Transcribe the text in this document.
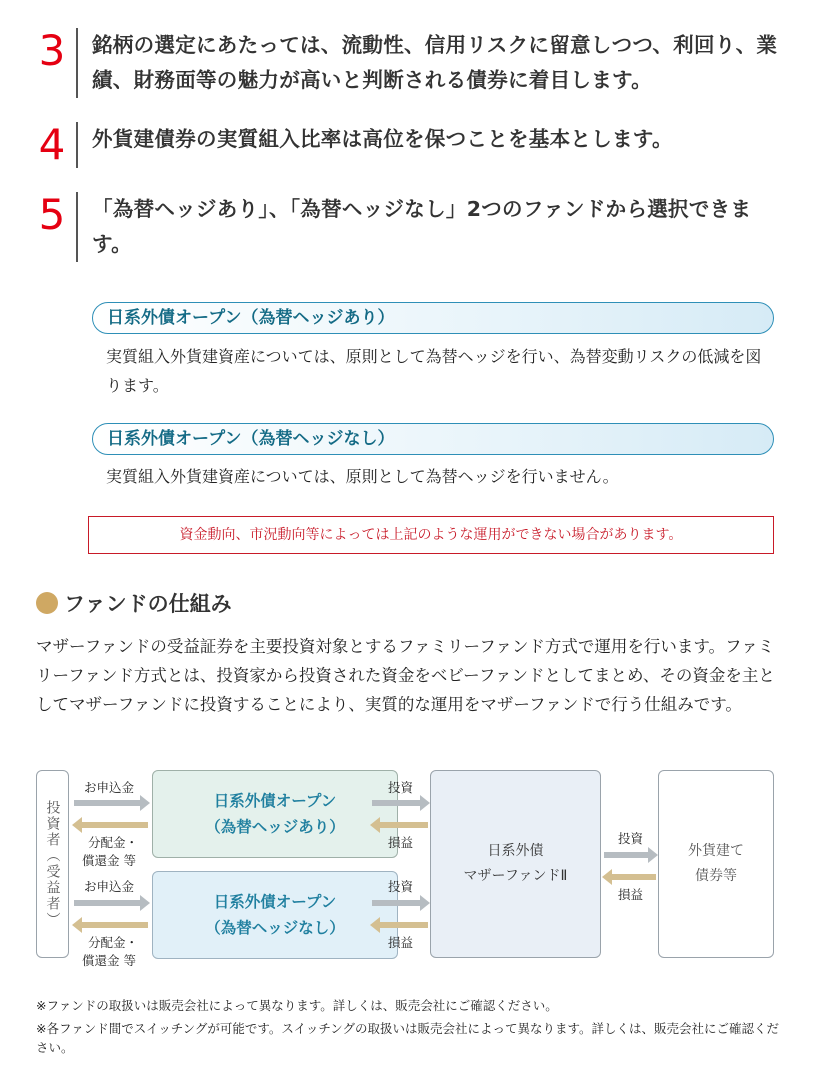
3 銘柄の選定にあたっては、流動性、信用リスクに留意しつつ、利回り、業績、財務面等の魅力が高いと判断される債券に着目します。
4 外貨建債券の実質組入比率は高位を保つことを基本とします。
5 「為替ヘッジあり」、「為替ヘッジなし」2つのファンドから選択できます。
日系外債オープン（為替ヘッジあり）
実質組入外貨建資産については、原則として為替ヘッジを行い、為替変動リスクの低減を図ります。
日系外債オープン（為替ヘッジなし）
実質組入外貨建資産については、原則として為替ヘッジを行いません。
資金動向、市況動向等によっては上記のような運用ができない場合があります。
ファンドの仕組み
マザーファンドの受益証券を主要投資対象とするファミリーファンド方式で運用を行います。ファミリーファンド方式とは、投資家から投資された資金をベビーファンドとしてまとめ、その資金を主としてマザーファンドに投資することにより、実質的な運用をマザーファンドで行う仕組みです。
投資者（受益者）	日系外債オープン
（為替ヘッジあり）
日系外債オープン
（為替ヘッジなし）
日系外債
マザーファンドⅡ
外貨建て
債券等
お申込金
分配金・
償還金 等
お申込金
分配金・
償還金 等
投資
損益
投資
損益
投資
損益
※ファンドの取扱いは販売会社によって異なります。詳しくは、販売会社にご確認ください。
※各ファンド間でスイッチングが可能です。スイッチングの取扱いは販売会社によって異なります。詳しくは、販売会社にご確認ください。
